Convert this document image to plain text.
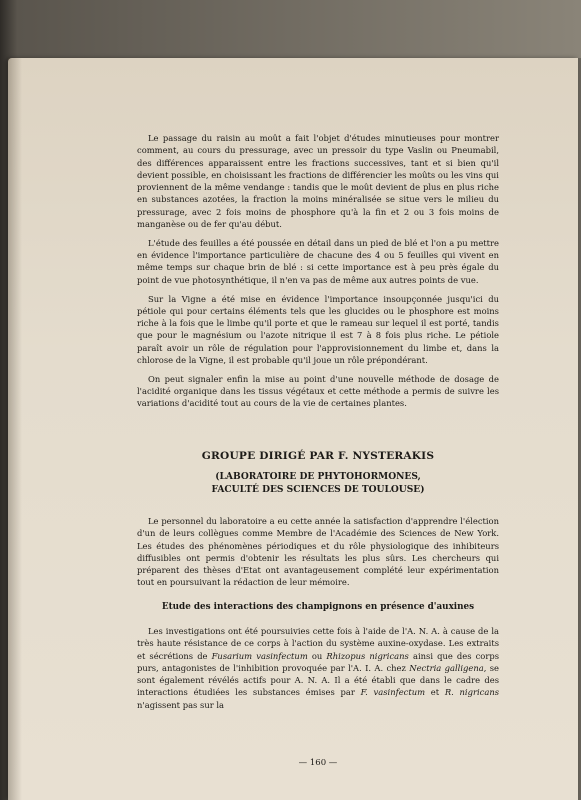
Le passage du raisin au moût a fait l'objet d'études minutieuses pour montrer comment, au cours du pressurage, avec un pressoir du type Vaslin ou Pneumabil, des différences apparaissent entre les fractions successives, tant et si bien qu'il devient possible, en choisissant les fractions de différencier les moûts ou les vins qui proviennent de la même vendange : tandis que le moût devient de plus en plus riche en substances azotées, la fraction la moins minéralisée se situe vers le milieu du pressurage, avec 2 fois moins de phosphore qu'à la fin et 2 ou 3 fois moins de manganèse ou de fer qu'au début.

L'étude des feuilles a été poussée en détail dans un pied de blé et l'on a pu mettre en évidence l'importance particulière de chacune des 4 ou 5 feuilles qui vivent en même temps sur chaque brin de blé : si cette importance est à peu près égale du point de vue photosynthétique, il n'en va pas de même aux autres points de vue.

Sur la Vigne a été mise en évidence l'importance insoupçonnée jusqu'ici du pétiole qui pour certains éléments tels que les glucides ou le phosphore est moins riche à la fois que le limbe qu'il porte et que le rameau sur lequel il est porté, tandis que pour le magnésium ou l'azote nitrique il est 7 à 8 fois plus riche. Le pétiole paraît avoir un rôle de régulation pour l'approvisionnement du limbe et, dans la chlorose de la Vigne, il est probable qu'il joue un rôle prépondérant.

On peut signaler enfin la mise au point d'une nouvelle méthode de dosage de l'acidité organique dans les tissus végétaux et cette méthode a permis de suivre les variations d'acidité tout au cours de la vie de certaines plantes.

GROUPE DIRIGÉ PAR F. NYSTERAKIS
(LABORATOIRE DE PHYTOHORMONES,
FACULTÉ DES SCIENCES DE TOULOUSE)

Le personnel du laboratoire a eu cette année la satisfaction d'apprendre l'élection d'un de leurs collègues comme Membre de l'Académie des Sciences de New York. Les études des phénomènes périodiques et du rôle physiologique des inhibiteurs diffusibles ont permis d'obtenir les résultats les plus sûrs. Les chercheurs qui préparent des thèses d'Etat ont avantageusement complété leur expérimentation tout en poursuivant la rédaction de leur mémoire.

Etude des interactions des champignons en présence d'auxines

Les investigations ont été poursuivies cette fois à l'aide de l'A. N. A. à cause de la très haute résistance de ce corps à l'action du système auxine-oxydase. Les extraits et sécrétions de Fusarium vasinfectum ou Rhizopus nigricans ainsi que des corps purs, antagonistes de l'inhibition provoquée par l'A. I. A. chez Nectria galligena, se sont également révélés actifs pour A. N. A. Il a été établi que dans le cadre des interactions étudiées les substances émises par F. vasinfectum et R. nigricans n'agissent pas sur la

— 160 —
